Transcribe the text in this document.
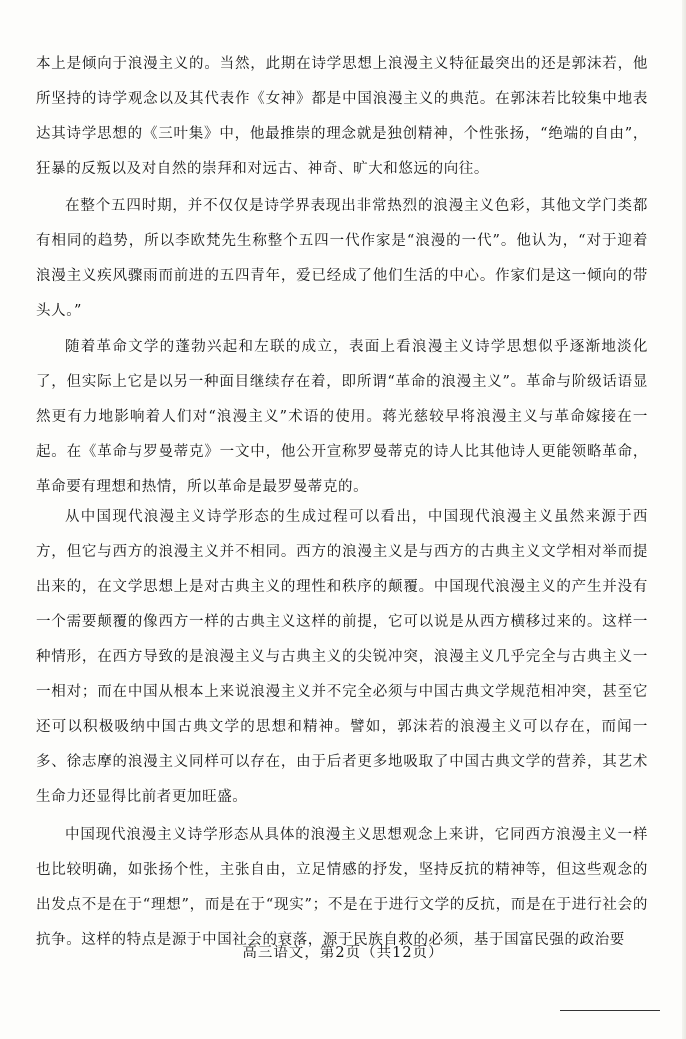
本上是倾向于浪漫主义的。当然，此期在诗学思想上浪漫主义特征最突出的还是郭沫若，他所坚持的诗学观念以及其代表作《女神》都是中国浪漫主义的典范。在郭沫若比较集中地表达其诗学思想的《三叶集》中，他最推崇的理念就是独创精神，个性张扬，“绝端的自由”，狂暴的反叛以及对自然的崇拜和对远古、神奇、旷大和悠远的向往。

在整个五四时期，并不仅仅是诗学界表现出非常热烈的浪漫主义色彩，其他文学门类都有相同的趋势，所以李欧梵先生称整个五四一代作家是“浪漫的一代”。他认为，“对于迎着浪漫主义疾风骤雨而前进的五四青年，爱已经成了他们生活的中心。作家们是这一倾向的带头人。”

随着革命文学的蓬勃兴起和左联的成立，表面上看浪漫主义诗学思想似乎逐渐地淡化了，但实际上它是以另一种面目继续存在着，即所谓“革命的浪漫主义”。革命与阶级话语显然更有力地影响着人们对“浪漫主义”术语的使用。蒋光慈较早将浪漫主义与革命嫁接在一起。在《革命与罗曼蒂克》一文中，他公开宣称罗曼蒂克的诗人比其他诗人更能领略革命，革命要有理想和热情，所以革命是最罗曼蒂克的。

从中国现代浪漫主义诗学形态的生成过程可以看出，中国现代浪漫主义虽然来源于西方，但它与西方的浪漫主义并不相同。西方的浪漫主义是与西方的古典主义文学相对举而提出来的，在文学思想上是对古典主义的理性和秩序的颠覆。中国现代浪漫主义的产生并没有一个需要颠覆的像西方一样的古典主义这样的前提，它可以说是从西方横移过来的。这样一种情形，在西方导致的是浪漫主义与古典主义的尖锐冲突，浪漫主义几乎完全与古典主义一一相对；而在中国从根本上来说浪漫主义并不完全必须与中国古典文学规范相冲突，甚至它还可以积极吸纳中国古典文学的思想和精神。譬如，郭沫若的浪漫主义可以存在，而闻一多、徐志摩的浪漫主义同样可以存在，由于后者更多地吸取了中国古典文学的营养，其艺术生命力还显得比前者更加旺盛。

中国现代浪漫主义诗学形态从具体的浪漫主义思想观念上来讲，它同西方浪漫主义一样也比较明确，如张扬个性，主张自由，立足情感的抒发，坚持反抗的精神等，但这些观念的出发点不是在于“理想”，而是在于“现实”；不是在于进行文学的反抗，而是在于进行社会的抗争。这样的特点是源于中国社会的衰落，源于民族自救的必须，基于国富民强的政治要

高三语文，第2页（共12页）
